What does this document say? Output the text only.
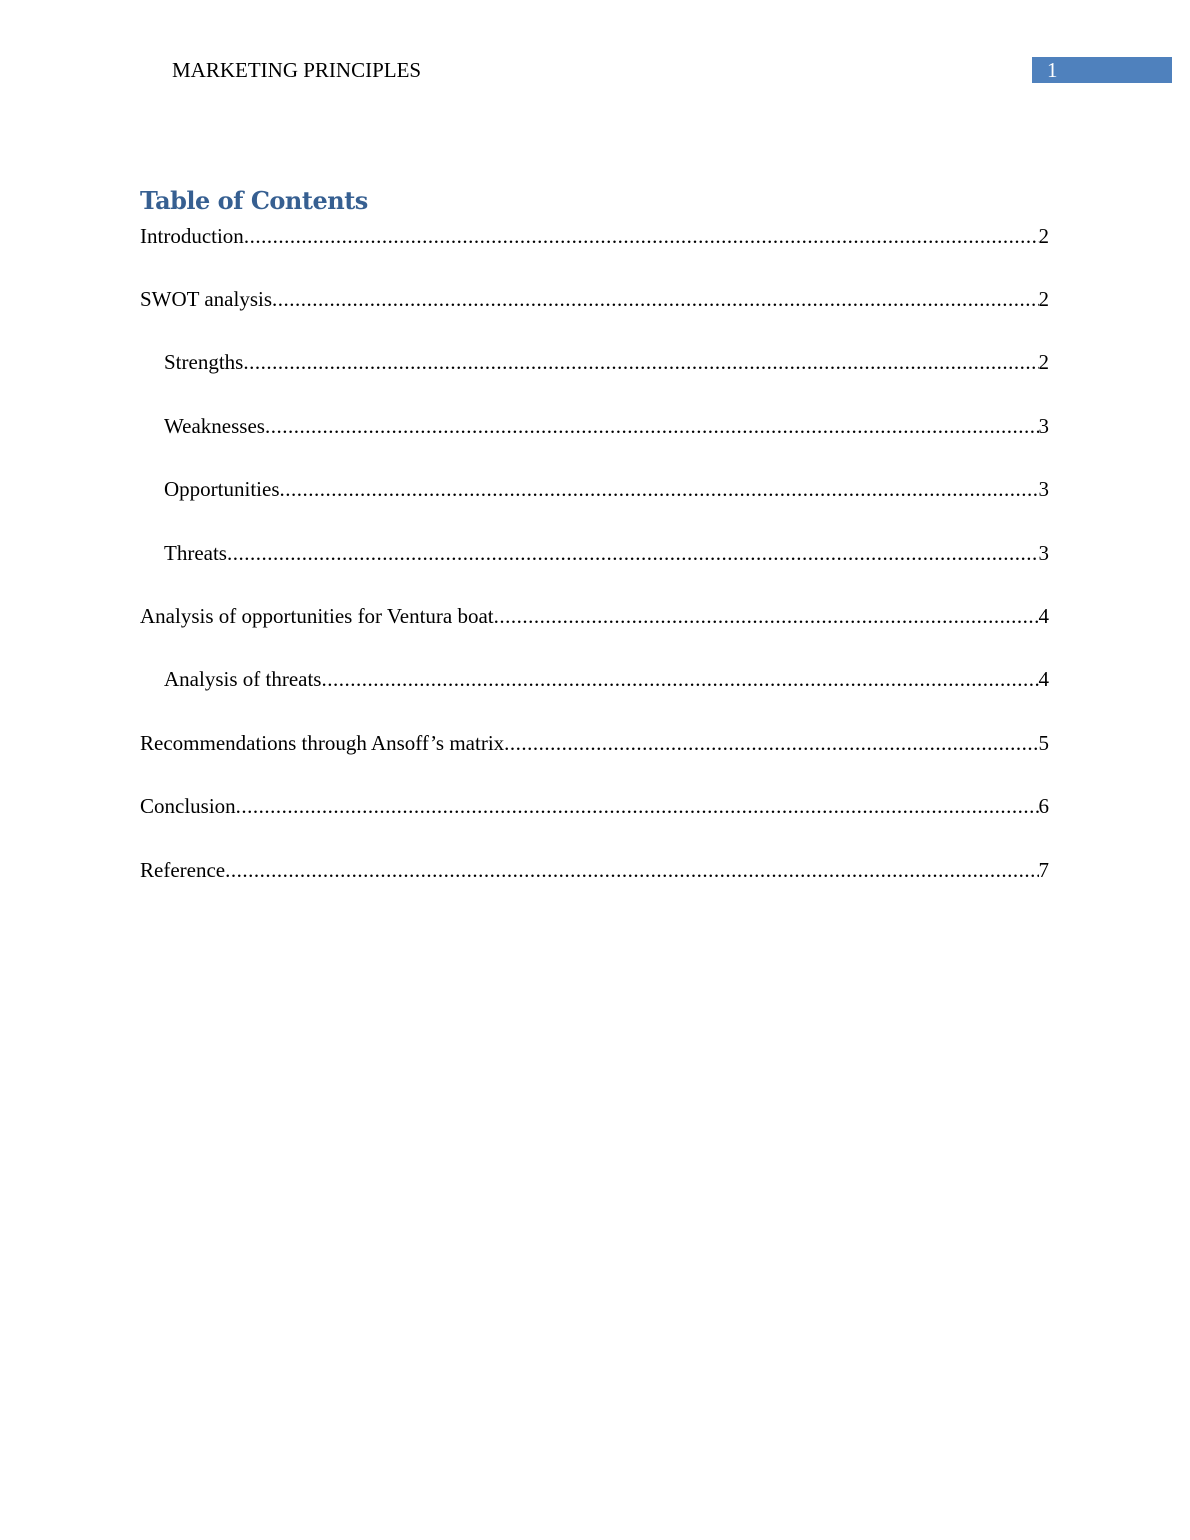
MARKETING PRINCIPLES	1
Table of Contents
Introduction .....	2
SWOT analysis .....	2
Strengths .....	2
Weaknesses .....	3
Opportunities .....	3
Threats .....	3
Analysis of opportunities for Ventura boat .....	4
Analysis of threats .....	4
Recommendations through Ansoff’s matrix .....	5
Conclusion .....	6
Reference .....	7
